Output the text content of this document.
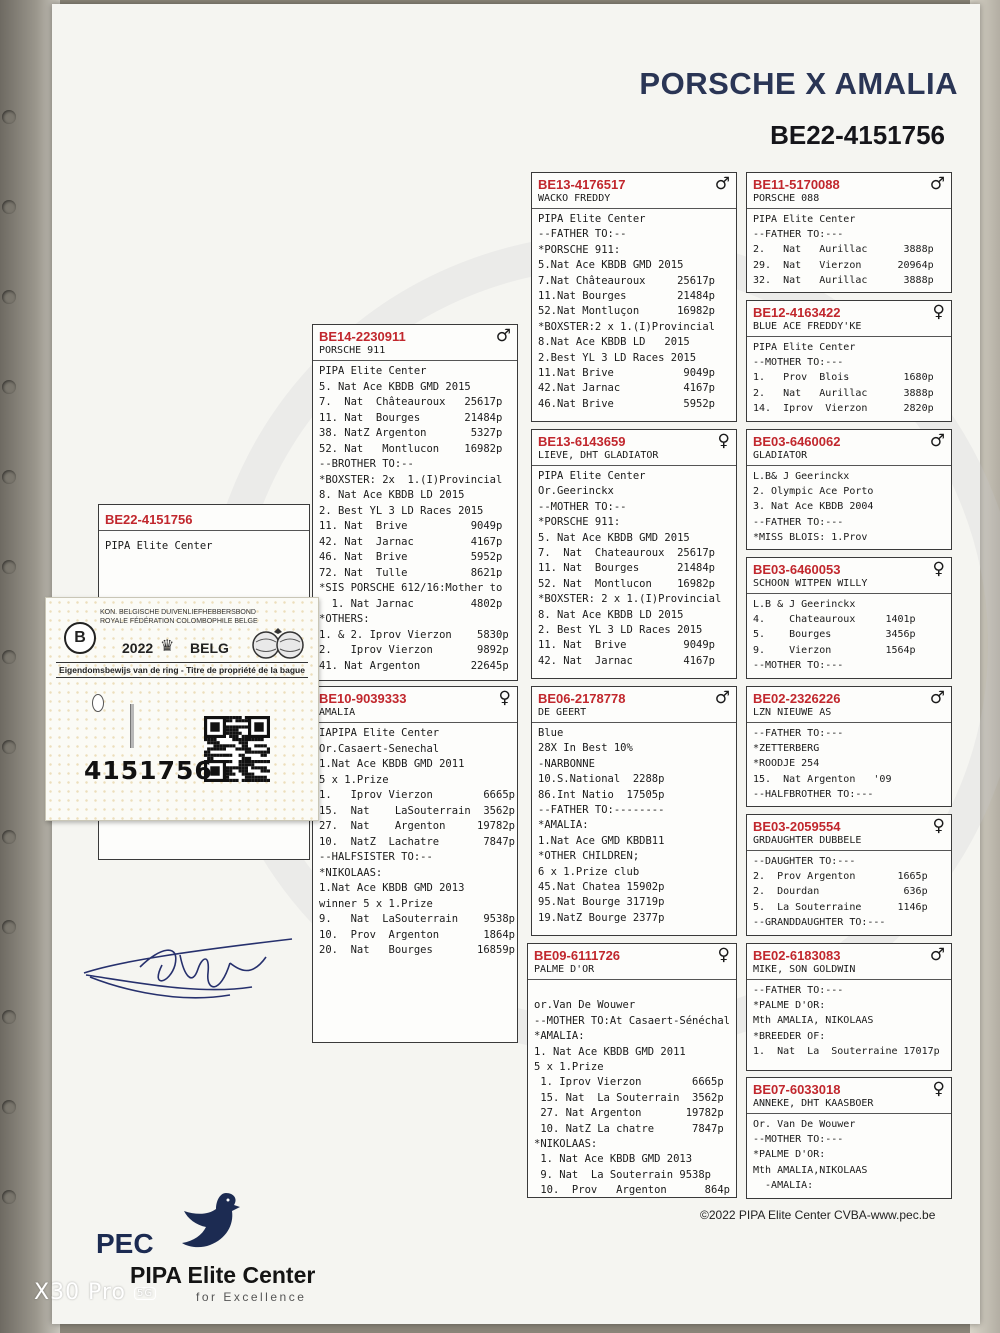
PORSCHE X AMALIA
BE22-4151756
BE22-4151756
PIPA Elite Center
BE14-2230911	♂
PORSCHE 911
PIPA Elite Center
5. Nat Ace KBDB GMD 2015
7.  Nat  Châteauroux   25617p
11. Nat  Bourges       21484p
38. NatZ Argenton       5327p
52. Nat   Montlucon    16982p
--BROTHER TO:--
*BOXSTER: 2x  1.(I)Provincial
8. Nat Ace KBDB LD 2015
2. Best YL 3 LD Races 2015
11. Nat  Brive          9049p
42. Nat  Jarnac         4167p
46. Nat  Brive          5952p
72. Nat  Tulle          8621p
*SIS PORSCHE 612/16:Mother to
1. Nat Jarnac         4802p
*OTHERS:
1. & 2. Iprov Vierzon    5830p
2.   Iprov Vierzon       9892p
41. Nat Argenton        22645p
BE10-9039333	♀
AMALIA
IAPIPA Elite Center
Or.Casaert-Senechal
1.Nat Ace KBDB GMD 2011
5 x 1.Prize
1.   Iprov Vierzon        6665p
15.  Nat    LaSouterrain  3562p
27.  Nat    Argenton     19782p
10.  NatZ  Lachatre       7847p
--HALFSISTER TO:--
*NIKOLAAS:
1.Nat Ace KBDB GMD 2013
winner 5 x 1.Prize
9.   Nat  LaSouterrain    9538p
10.  Prov  Argenton       1864p
20.  Nat   Bourges       16859p
BE13-4176517	♂
WACKO FREDDY
PIPA Elite Center
--FATHER TO:--
*PORSCHE 911:
5.Nat Ace KBDB GMD 2015
7.Nat Châteauroux     25617p
11.Nat Bourges        21484p
52.Nat Montluçon      16982p
*BOXSTER:2 x 1.(I)Provincial
8.Nat Ace KBDB LD   2015
2.Best YL 3 LD Races 2015
11.Nat Brive           9049p
42.Nat Jarnac          4167p
46.Nat Brive           5952p
BE13-6143659	♀
LIEVE, DHT GLADIATOR
PIPA Elite Center
Or.Geerinckx
--MOTHER TO:--
*PORSCHE 911:
5. Nat Ace KBDB GMD 2015
7.  Nat  Chateauroux  25617p
11. Nat  Bourges      21484p
52. Nat  Montlucon    16982p
*BOXSTER: 2 x 1.(I)Provincial
8. Nat Ace KBDB LD 2015
2. Best YL 3 LD Races 2015
11. Nat  Brive         9049p
42. Nat  Jarnac        4167p
BE06-2178778	♂
DE GEERT
Blue
28X In Best 10%
-NARBONNE
10.S.National  2288p
86.Int Natio  17505p
--FATHER TO:--------
*AMALIA:
1.Nat Ace GMD KBDB11
*OTHER CHILDREN;
6 x 1.Prize club
45.Nat Chatea 15902p
95.Nat Bourge 31719p
19.NatZ Bourge 2377p
BE09-6111726	♀
PALME D'OR
or.Van De Wouwer
--MOTHER TO:At Casaert-Sénéchal
*AMALIA:
1. Nat Ace KBDB GMD 2011
5 x 1.Prize
1. Iprov Vierzon        6665p
15. Nat  La Souterrain  3562p
27. Nat Argenton       19782p
10. NatZ La chatre      7847p
*NIKOLAAS:
1. Nat Ace KBDB GMD 2013
9. Nat  La Souterrain 9538p
10.  Prov   Argenton      864p
BE11-5170088	♂
PORSCHE 088
PIPA Elite Center
--FATHER TO:---
2.   Nat   Aurillac      3888p
29.  Nat   Vierzon      20964p
32.  Nat   Aurillac      3888p
BE12-4163422	♀
BLUE ACE FREDDY'KE
PIPA Elite Center
--MOTHER TO:---
1.   Prov  Blois         1680p
2.   Nat   Aurillac      3888p
14.  Iprov  Vierzon      2820p
BE03-6460062	♂
GLADIATOR
L.B& J Geerinckx
2. Olympic Ace Porto
3. Nat Ace KBDB 2004
--FATHER TO:---
*MISS BLOIS: 1.Prov
BE03-6460053	♀
SCHOON WITPEN WILLY
L.B & J Geerinckx
4.    Chateauroux     1401p
5.    Bourges         3456p
9.    Vierzon         1564p
--MOTHER TO:---
BE02-2326226	♂
LZN NIEUWE AS
--FATHER TO:---
*ZETTERBERG
*ROODJE 254
15.  Nat Argenton   '09
--HALFBROTHER TO:---
BE03-2059554	♀
GRDAUGHTER DUBBELE
--DAUGHTER TO:---
2.  Prov Argenton       1665p
2.  Dourdan              636p
5.  La Souterraine      1146p
--GRANDDAUGHTER TO:---
BE02-6183083	♂
MIKE, SON GOLDWIN
--FATHER TO:---
*PALME D'OR:
Mth AMALIA, NIKOLAAS
*BREEDER OF:
1.  Nat  La  Souterraine 17017p
BE07-6033018	♀
ANNEKE, DHT KAASBOER
Or. Van De Wouwer
--MOTHER TO:---
*PALME D'OR:
Mth AMALIA,NIKOLAAS
-AMALIA:
KON. BELGISCHE DUIVENLIEFHEBBERSBOND
ROYALE FÉDÉRATION COLOMBOPHILE BELGE
B
2022 ♛ BELG
Eigendomsbewijs van de ring - Titre de propriété de la bague
4151756
©2022 PIPA Elite Center CVBA-www.pec.be
PEC
PIPA Elite Center
for Excellence
X30 Pro 5G
